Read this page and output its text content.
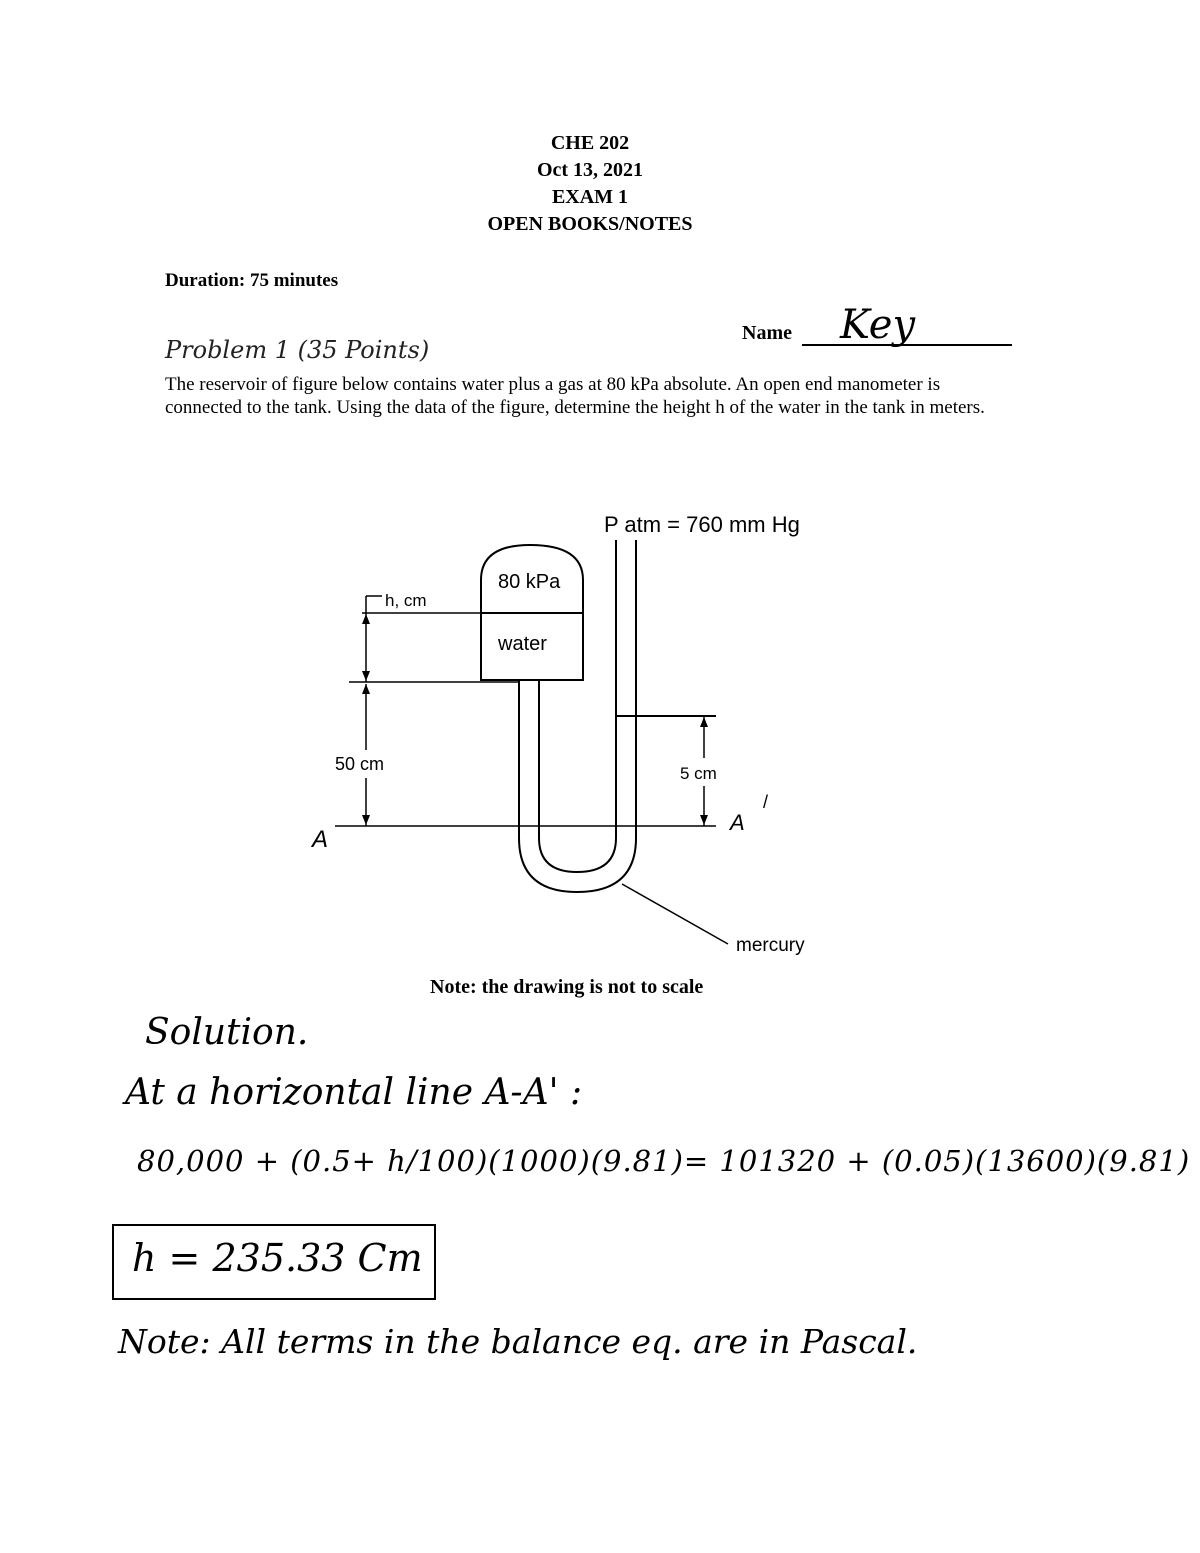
CHE 202
Oct 13, 2021
EXAM 1
OPEN BOOKS/NOTES
Duration: 75 minutes
Name Key
Problem 1 (35 Points)
The reservoir of figure below contains water plus a gas at 80 kPa absolute. An open end manometer is connected to the tank. Using the data of the figure, determine the height h of the water in the tank in meters.
P atm = 760 mm Hg
80 kPa
water
h, cm
50 cm	5 cm
A
A
/
mercury
Note: the drawing is not to scale
Solution.
At a horizontal line A-A' :
80,000 + (0.5+ h/100)(1000)(9.81)= 101320 + (0.05)(13600)(9.81)
h = 235.33 Cm
Note: All terms in the balance eq. are in Pascal.
